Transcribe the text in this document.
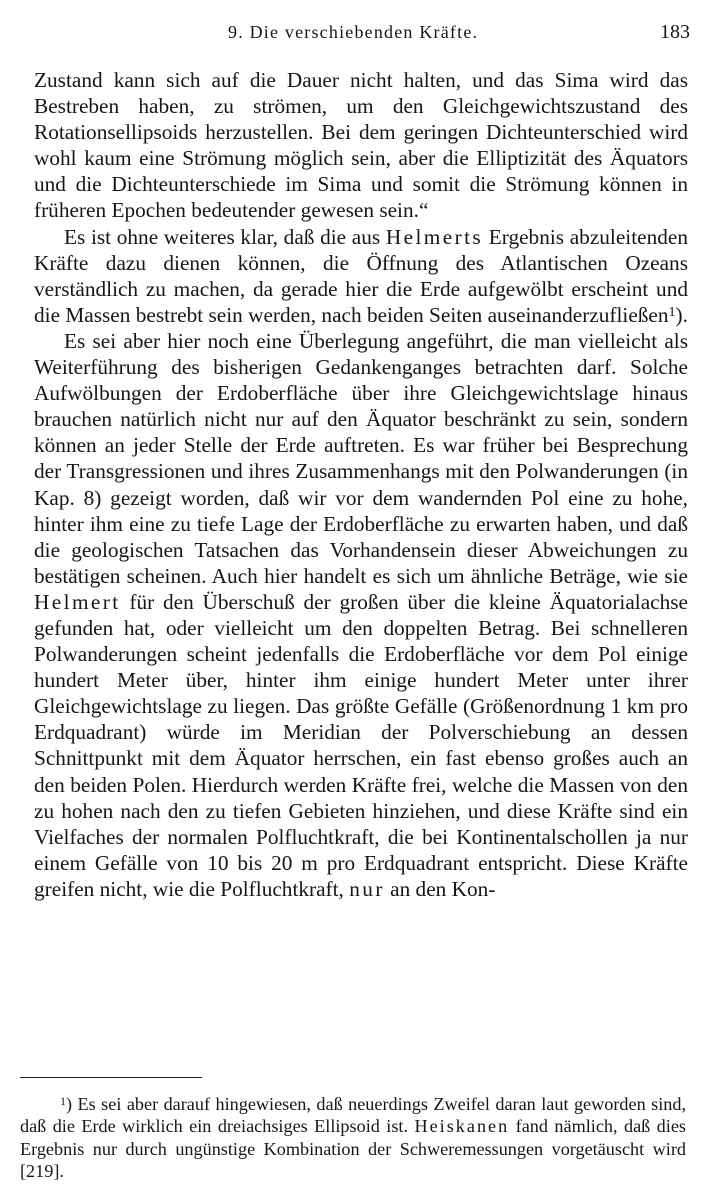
9. Die verschiebenden Kräfte.	183

Zustand kann sich auf die Dauer nicht halten, und das Sima wird das Bestreben haben, zu strömen, um den Gleichgewichtszustand des Rotationsellipsoids herzustellen. Bei dem geringen Dichteunterschied wird wohl kaum eine Strömung möglich sein, aber die Elliptizität des Äquators und die Dichteunterschiede im Sima und somit die Strömung können in früheren Epochen bedeutender gewesen sein.“

Es ist ohne weiteres klar, daß die aus Helmerts Ergebnis abzuleitenden Kräfte dazu dienen können, die Öffnung des Atlantischen Ozeans verständlich zu machen, da gerade hier die Erde aufgewölbt erscheint und die Massen bestrebt sein werden, nach beiden Seiten auseinanderzufließen$^1$).

Es sei aber hier noch eine Überlegung angeführt, die man vielleicht als Weiterführung des bisherigen Gedankenganges betrachten darf. Solche Aufwölbungen der Erdoberfläche über ihre Gleichgewichtslage hinaus brauchen natürlich nicht nur auf den Äquator beschränkt zu sein, sondern können an jeder Stelle der Erde auftreten. Es war früher bei Besprechung der Transgressionen und ihres Zusammenhangs mit den Polwanderungen (in Kap. 8) gezeigt worden, daß wir vor dem wandernden Pol eine zu hohe, hinter ihm eine zu tiefe Lage der Erdoberfläche zu erwarten haben, und daß die geologischen Tatsachen das Vorhandensein dieser Abweichungen zu bestätigen scheinen. Auch hier handelt es sich um ähnliche Beträge, wie sie Helmert für den Überschuß der großen über die kleine Äquatorialachse gefunden hat, oder vielleicht um den doppelten Betrag. Bei schnelleren Polwanderungen scheint jedenfalls die Erdoberfläche vor dem Pol einige hundert Meter über, hinter ihm einige hundert Meter unter ihrer Gleichgewichtslage zu liegen. Das größte Gefälle (Größenordnung 1 km pro Erdquadrant) würde im Meridian der Polverschiebung an dessen Schnittpunkt mit dem Äquator herrschen, ein fast ebenso großes auch an den beiden Polen. Hierdurch werden Kräfte frei, welche die Massen von den zu hohen nach den zu tiefen Gebieten hinziehen, und diese Kräfte sind ein Vielfaches der normalen Polfluchtkraft, die bei Kontinentalschollen ja nur einem Gefälle von 10 bis 20 m pro Erdquadrant entspricht. Diese Kräfte greifen nicht, wie die Polfluchtkraft, nur an den Kon-

$^1$) Es sei aber darauf hingewiesen, daß neuerdings Zweifel daran laut geworden sind, daß die Erde wirklich ein dreiachsiges Ellipsoid ist. Heiskanen fand nämlich, daß dies Ergebnis nur durch ungünstige Kombination der Schweremessungen vorgetäuscht wird [219].
